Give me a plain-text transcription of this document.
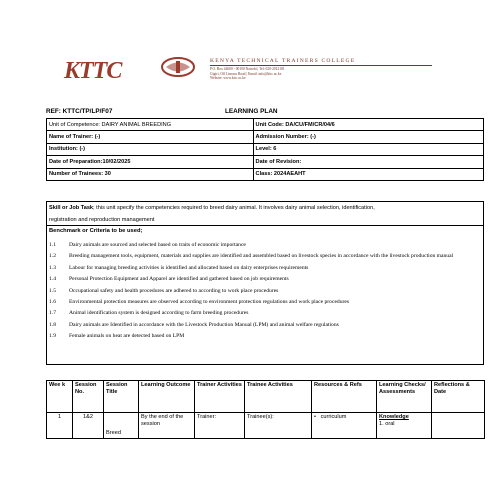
KTTC	KENYA TECHNICAL TRAINERS COLLEGE
P.O. Box 44600 - 00100 Nairobi | Tel: 020-2012181
Gigiri, Off Limuru Road | Email: info@kttc.ac.ke
Website: www.kttc.ac.ke
REF: KTTC/TP/LP/F07	LEARNING PLAN
Unit of Competence: DAIRY ANIMAL BREEDING	Unit Code: DA/CU/FM/CR/04/6
Name of Trainer: (-)	Admission Number: (-)
Institution: (-)	Level: 6
Date of Preparation:10/02/2025	Date of Revision:
Number of Trainees: 30	Class: 2024AEAHT
Skill or Job Task; this unit specify the competencies required to breed dairy animal. It involves dairy animal selection, identification,
registration and reproduction management
Benchmark or Criteria to be used;
1.1	Dairy animals are sourced and selected based on traits of economic importance
1.2	Breeding management tools, equipment, materials and supplies are identified and assembled based on livestock species in accordance with the livestock production manual
1.3	Labour for managing breeding activities is identified and allocated based on dairy enterprises requirements
1.4	Personal Protection Equipment and Apparel are identified and gathered based on job requirements
1.5	Occupational safety and health procedures are adhered to according to work place procedures
1.6	Environmental protection measures are observed according to environment protection regulations and work place procedures
1.7	Animal identification system is designed according to farm breeding procedures
1.8	Dairy animals are Identified in accordance with the Livestock Production Manual (LPM) and animal welfare regulations
1.9	Female animals on heat are detected based on LPM
Wee k	Session No.	Session Title	Learning Outcome	Trainer Activities	Trainee Activities	Resources & Refs	Learning Checks/ Assessments	Reflections & Date
1	1&2	Breed	By the end of the session	Trainer:	Trainee(s):	•   curriculum	Knowledge
1. oral	
